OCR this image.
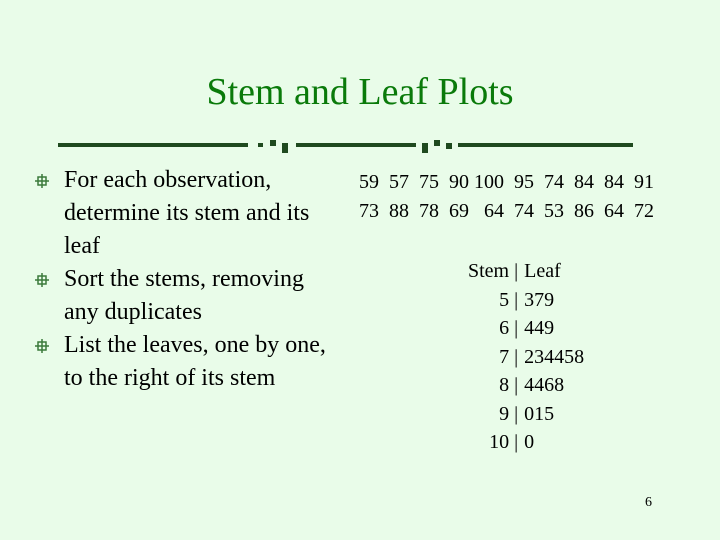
Stem and Leaf Plots
For each observation, determine its stem and its leaf
Sort the stems, removing any duplicates
List the leaves, one by one, to the right of its stem
59  57  75  90 100  95  74  84  84  91
73  88  78  69   64  74  53  86  64  72
Stem |	Leaf
5 |	379
6 |	449
7 |	234458
8 |	4468
9 |	015
10 |	0
6
